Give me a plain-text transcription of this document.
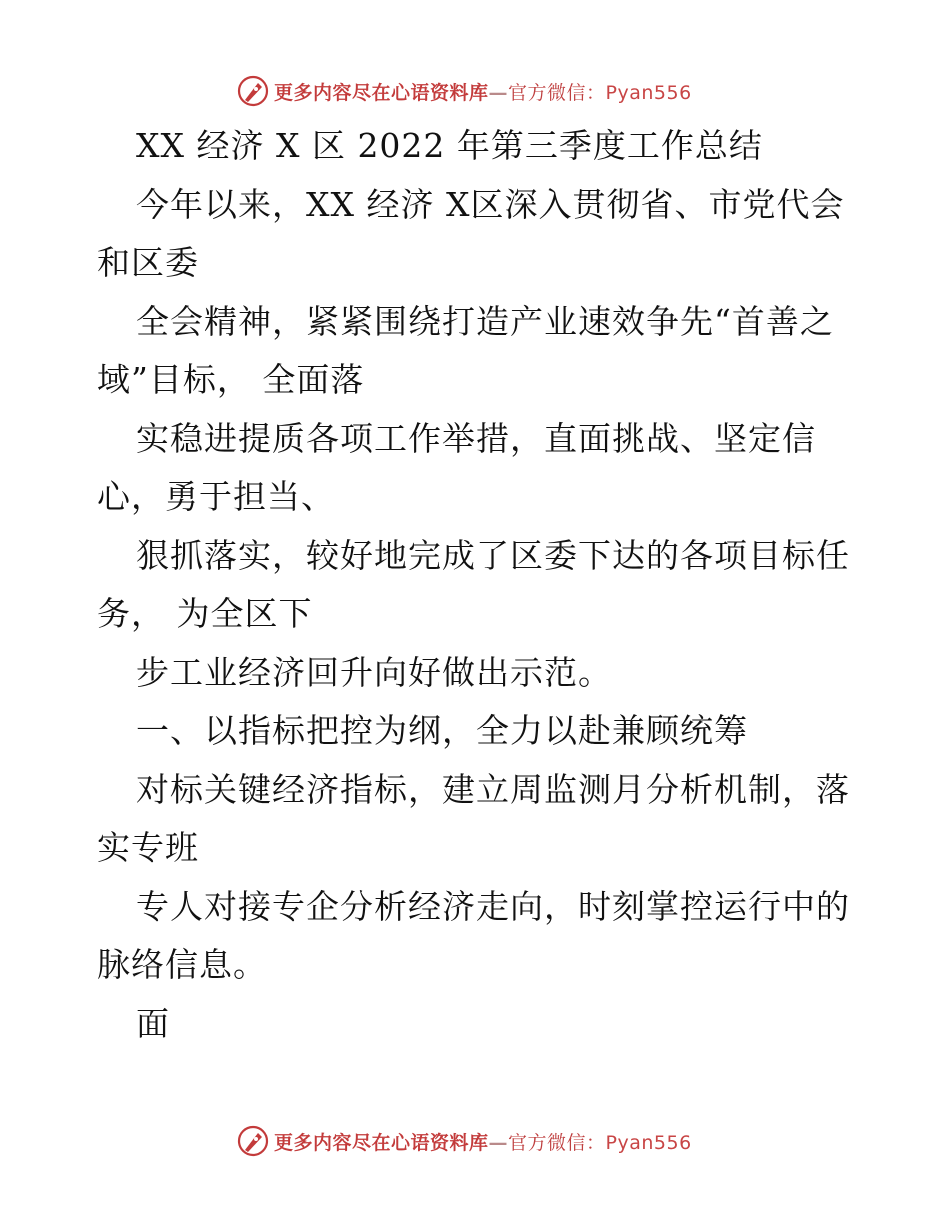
更多内容尽在心语资料库—官方微信：Pyan556

XX 经济 X 区 2022 年第三季度工作总结

今年以来，XX 经济 X区深入贯彻省、市党代会

和区委

全会精神，紧紧围绕打造产业速效争先“首善之

域”目标， 全面落

实稳进提质各项工作举措，直面挑战、坚定信

心，勇于担当、

狠抓落实，较好地完成了区委下达的各项目标任

务， 为全区下

步工业经济回升向好做出示范。

一、以指标把控为纲，全力以赴兼顾统筹

对标关键经济指标，建立周监测月分析机制，落

实专班

专人对接专企分析经济走向，时刻掌控运行中的

脉络信息。

面

更多内容尽在心语资料库—官方微信：Pyan556
